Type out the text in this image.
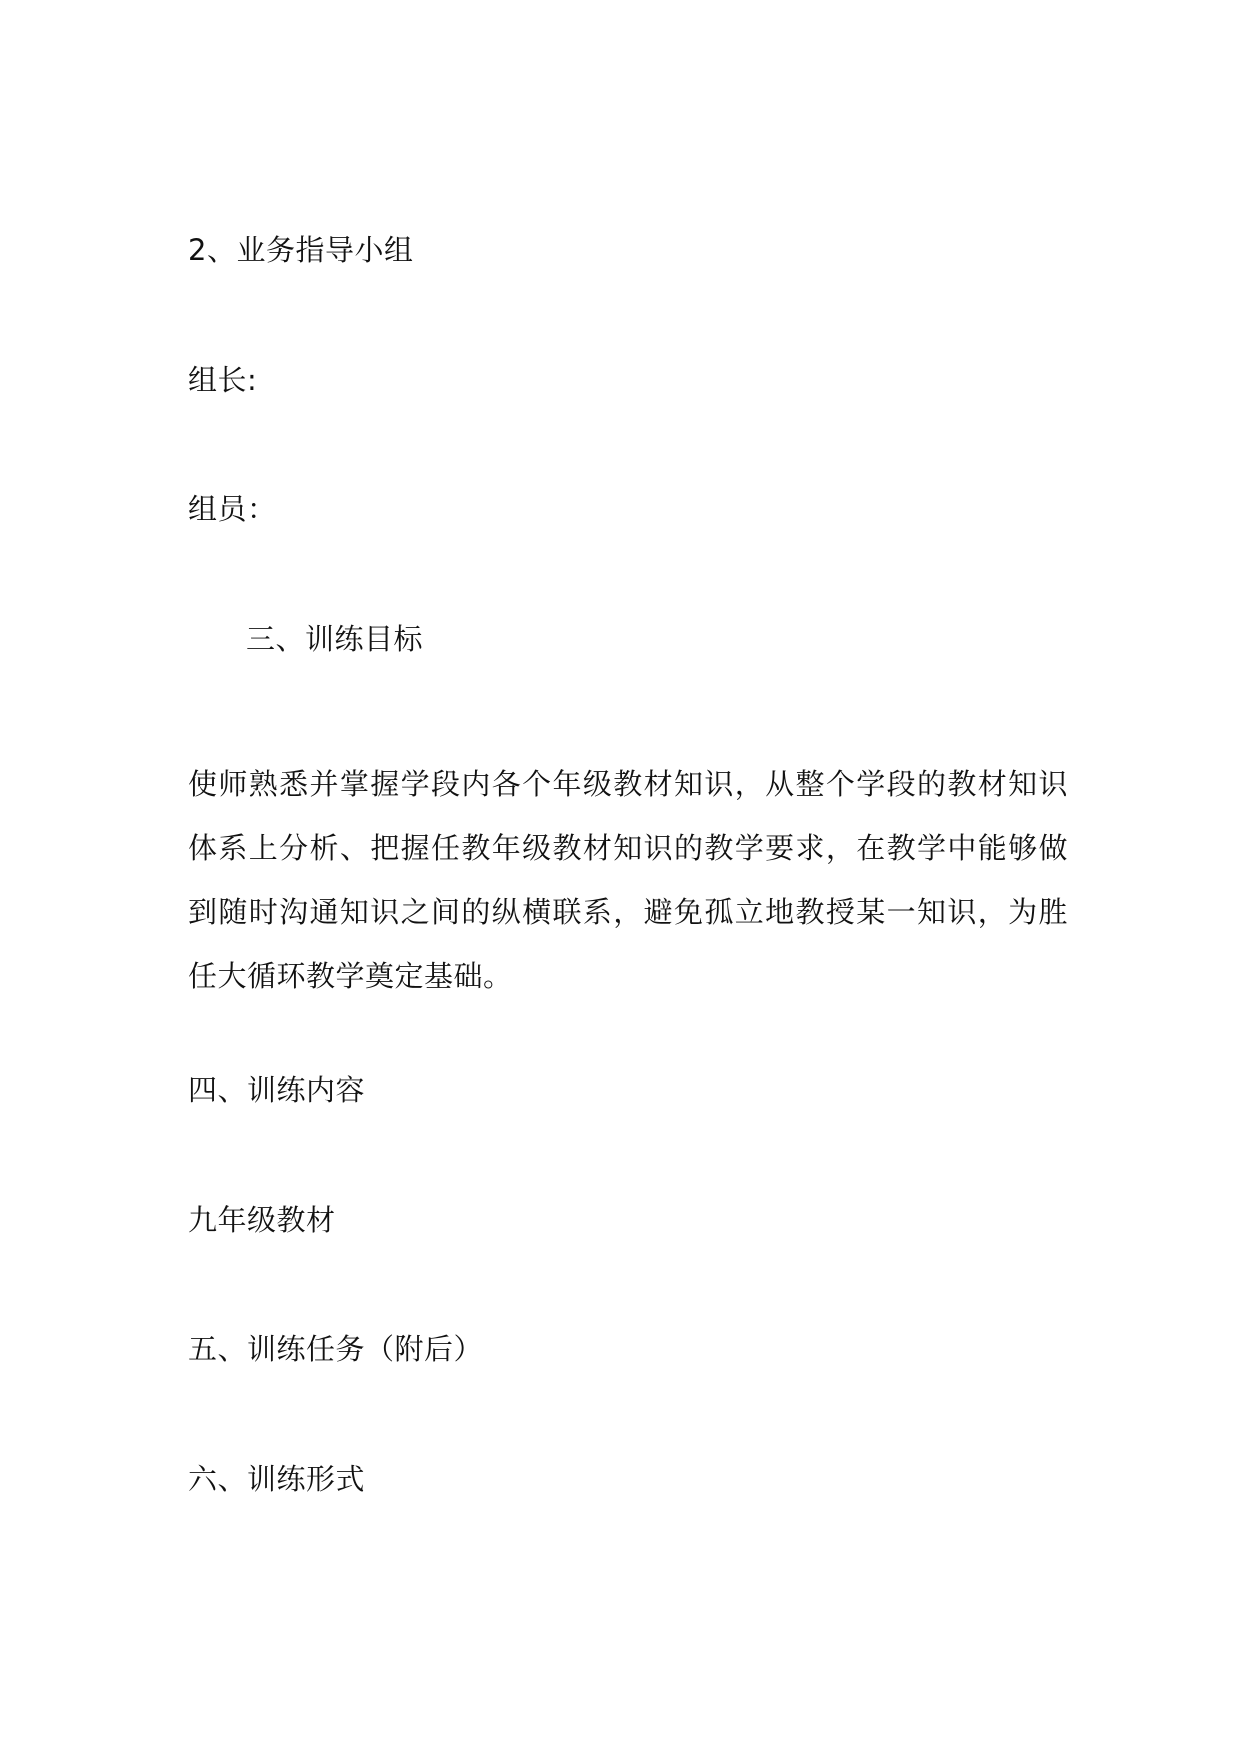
2、业务指导小组
组长:
组员：
三、训练目标
使师熟悉并掌握学段内各个年级教材知识，从整个学段的教材知识体系上分析、把握任教年级教材知识的教学要求，在教学中能够做到随时沟通知识之间的纵横联系，避免孤立地教授某一知识，为胜任大循环教学奠定基础。
四、训练内容
九年级教材
五、训练任务（附后）
六、训练形式
